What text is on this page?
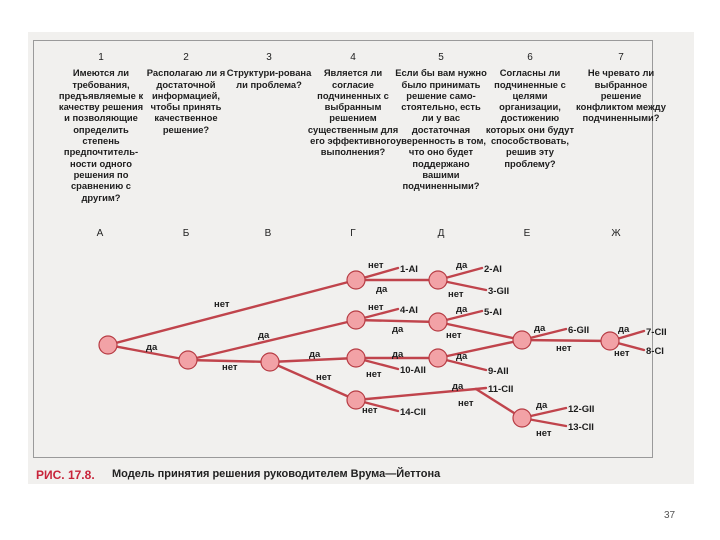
1
Имеются ли требования, предъявляемые к качеству решения и позволяющие определить степень предпочтитель-ности одного решения по сравнению с другим?
2
Располагаю ли я достаточной информацией, чтобы принять качественное решение?
3
Структури-рована ли проблема?
4
Является ли согласие подчиненных с выбранным решением существенным для его эффективного выполнения?
5
Если бы вам нужно было принимать решение само-стоятельно, есть ли у вас достаточная уверенность в том, что оно будет поддержано вашими подчиненными?
6
Согласны ли подчиненные с целями организации, достижению которых они будут способствовать, решив эту проблему?
7
Не чревато ли выбранное решение конфликтом между подчиненными?
А	Б	В	Г	Д	Е	Ж
нет
да
да
нет
да
нет
нет
да
да
нет
нет
да
да
нет
да
нет
да
да
нет
да
нет
да
нет
нет	да
нет
1-AI	2-AI
3-GII
4-AI	5-AI
6-GII	7-CII
8-CI
9-AII
10-AII
11-CII
12-GII
13-CII
14-CII
РИС. 17.8. Модель принятия решения руководителем Врума—Йеттона
37
